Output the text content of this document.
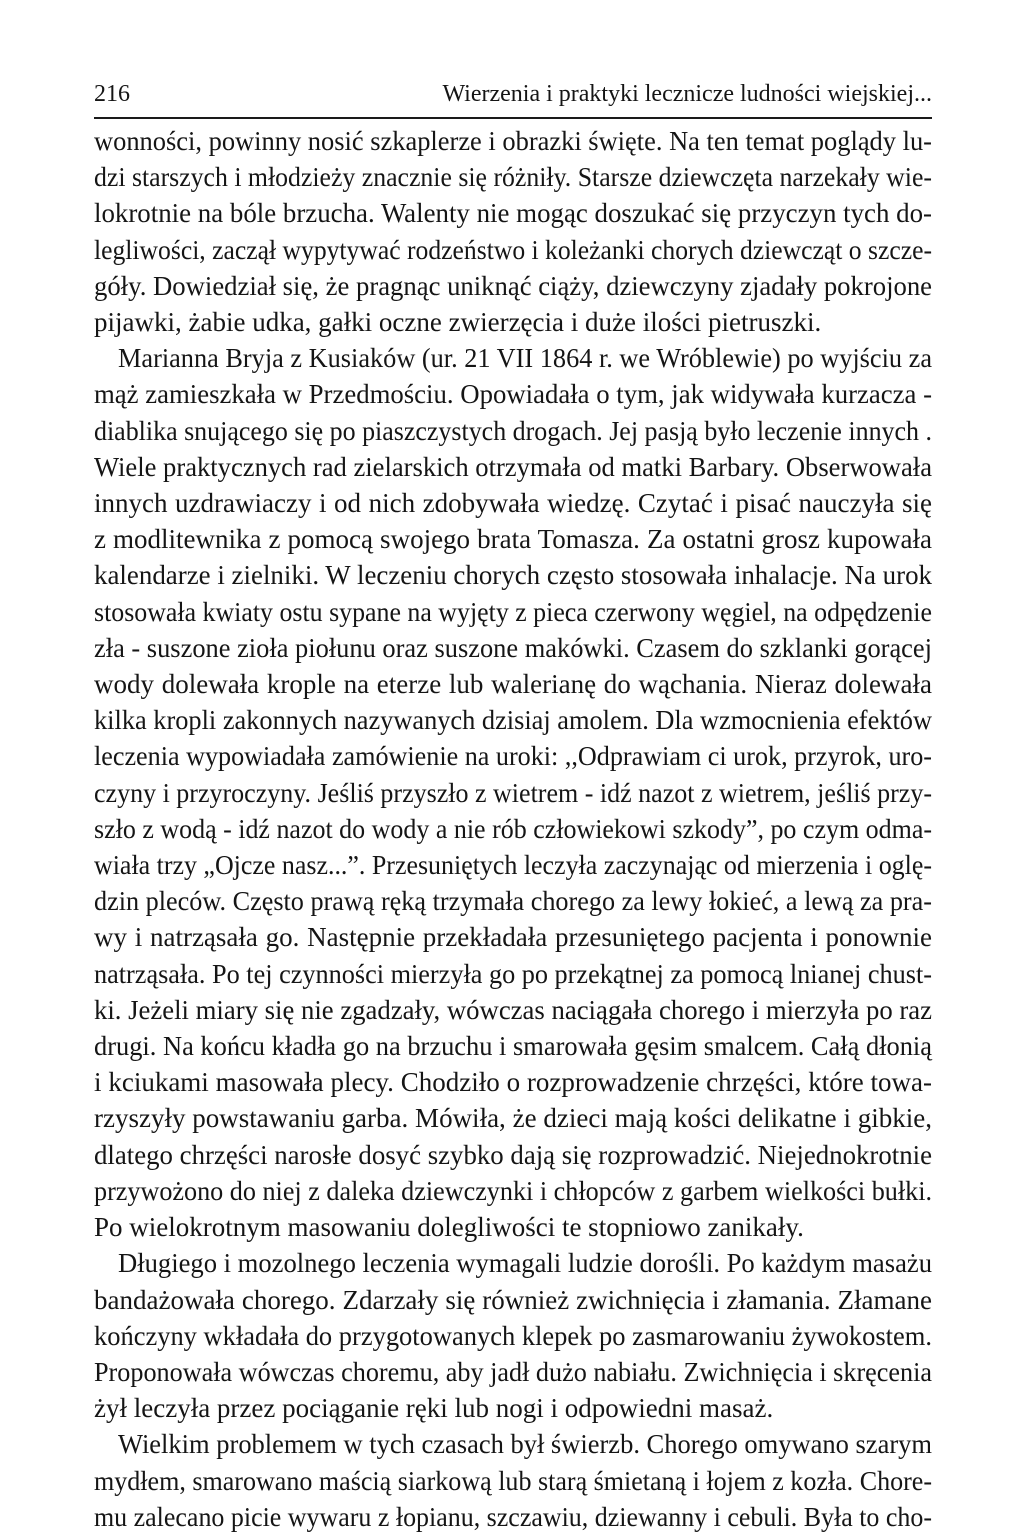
216	Wierzenia i praktyki lecznicze ludności wiejskiej...
wonności, powinny nosić szkaplerze i obrazki święte. Na ten temat poglądy lu-
dzi starszych i młodzieży znacznie się różniły. Starsze dziewczęta narzekały wie-
lokrotnie na bóle brzucha. Walenty nie mogąc doszukać się przyczyn tych do-
legliwości, zaczął wypytywać rodzeństwo i koleżanki chorych dziewcząt o szcze-
góły. Dowiedział się, że pragnąc uniknąć ciąży, dziewczyny zjadały pokrojone
pijawki, żabie udka, gałki oczne zwierzęcia i duże ilości pietruszki.
Marianna Bryja z Kusiaków (ur. 21 VII 1864 r. we Wróblewie) po wyjściu za
mąż zamieszkała w Przedmościu. Opowiadała o tym, jak widywała kurzacza -
diablika snującego się po piaszczystych drogach. Jej pasją było leczenie innych .
Wiele praktycznych rad zielarskich otrzymała od matki Barbary. Obserwowała
innych uzdrawiaczy i od nich zdobywała wiedzę. Czytać i pisać nauczyła się
z modlitewnika z pomocą swojego brata Tomasza. Za ostatni grosz kupowała
kalendarze i zielniki. W leczeniu chorych często stosowała inhalacje. Na urok
stosowała kwiaty ostu sypane na wyjęty z pieca czerwony węgiel, na odpędzenie
zła - suszone zioła piołunu oraz suszone makówki. Czasem do szklanki gorącej
wody dolewała krople na eterze lub walerianę do wąchania. Nieraz dolewała
kilka kropli zakonnych nazywanych dzisiaj amolem. Dla wzmocnienia efektów
leczenia wypowiadała zamówienie na uroki: ,,Odprawiam ci urok, przyrok, uro-
czyny i przyroczyny. Jeśliś przyszło z wietrem - idź nazot z wietrem, jeśliś przy-
szło z wodą - idź nazot do wody a nie rób człowiekowi szkody”, po czym odma-
wiała trzy „Ojcze nasz...”. Przesuniętych leczyła zaczynając od mierzenia i oglę-
dzin pleców. Często prawą ręką trzymała chorego za lewy łokieć, a lewą za pra-
wy i natrząsała go. Następnie przekładała przesuniętego pacjenta i ponownie
natrząsała. Po tej czynności mierzyła go po przekątnej za pomocą lnianej chust-
ki. Jeżeli miary się nie zgadzały, wówczas naciągała chorego i mierzyła po raz
drugi. Na końcu kładła go na brzuchu i smarowała gęsim smalcem. Całą dłonią
i kciukami masowała plecy. Chodziło o rozprowadzenie chrzęści, które towa-
rzyszyły powstawaniu garba. Mówiła, że dzieci mają kości delikatne i gibkie,
dlatego chrzęści narosłe dosyć szybko dają się rozprowadzić. Niejednokrotnie
przywożono do niej z daleka dziewczynki i chłopców z garbem wielkości bułki.
Po wielokrotnym masowaniu dolegliwości te stopniowo zanikały.
Długiego i mozolnego leczenia wymagali ludzie dorośli. Po każdym masażu
bandażowała chorego. Zdarzały się również zwichnięcia i złamania. Złamane
kończyny wkładała do przygotowanych klepek po zasmarowaniu żywokostem.
Proponowała wówczas choremu, aby jadł dużo nabiału. Zwichnięcia i skręcenia
żył leczyła przez pociąganie ręki lub nogi i odpowiedni masaż.
Wielkim problemem w tych czasach był świerzb. Chorego omywano szarym
mydłem, smarowano maścią siarkową lub starą śmietaną i łojem z kozła. Chore-
mu zalecano picie wywaru z łopianu, szczawiu, dziewanny i cebuli. Była to cho-
